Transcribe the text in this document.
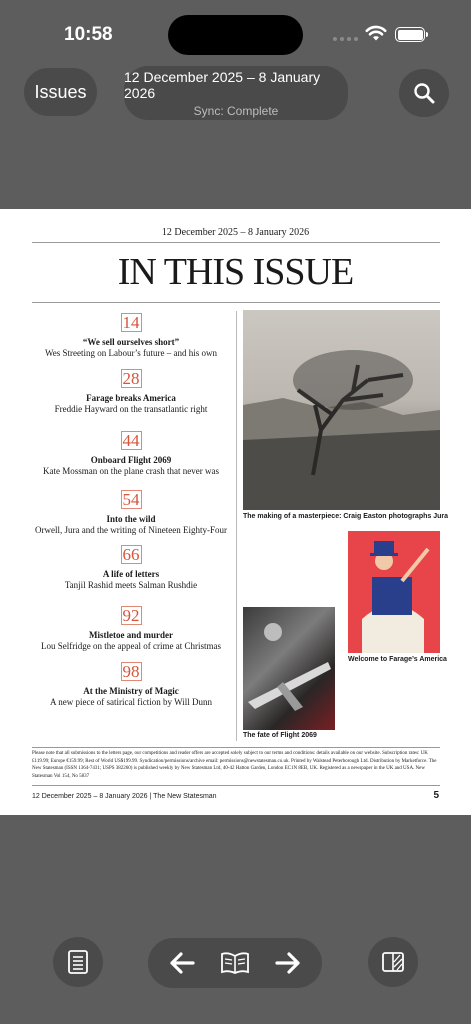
10:58
Issues
12 December 2025 – 8 January 2026
Sync: Complete
12 December 2025 – 8 January 2026
IN THIS ISSUE
14
“We sell ourselves short”
Wes Streeting on Labour’s future – and his own
28
Farage breaks America
Freddie Hayward on the transatlantic right
44
Onboard Flight 2069
Kate Mossman on the plane crash that never was
54
Into the wild
Orwell, Jura and the writing of Nineteen Eighty-Four
66
A life of letters
Tanjil Rashid meets Salman Rushdie
92
Mistletoe and murder
Lou Selfridge on the appeal of crime at Christmas
98
At the Ministry of Magic
A new piece of satirical fiction by Will Dunn
The making of a masterpiece: Craig Easton photographs Jura
Welcome to Farage’s America
The fate of Flight 2069
Please note that all submissions to the letters page, our competitions and reader offers are accepted solely subject to our terms and conditions: details available on our website. Subscription rates: UK £119.99; Europe €159.99; Rest of World US$199.99. Syndication/permissions/archive email: permissions@newstatesman.co.uk. Printed by Walstead Peterborough Ltd. Distribution by Marketforce. The New Statesman (ISSN 1364-7431; USPS 382260) is published weekly by New Statesman Ltd, 40-42 Hatton Garden, London EC1N 8EB, UK. Registered as a newspaper in the UK and USA. New Statesman Vol 154, No 5837
12 December 2025 – 8 January 2026 | The New Statesman	5
